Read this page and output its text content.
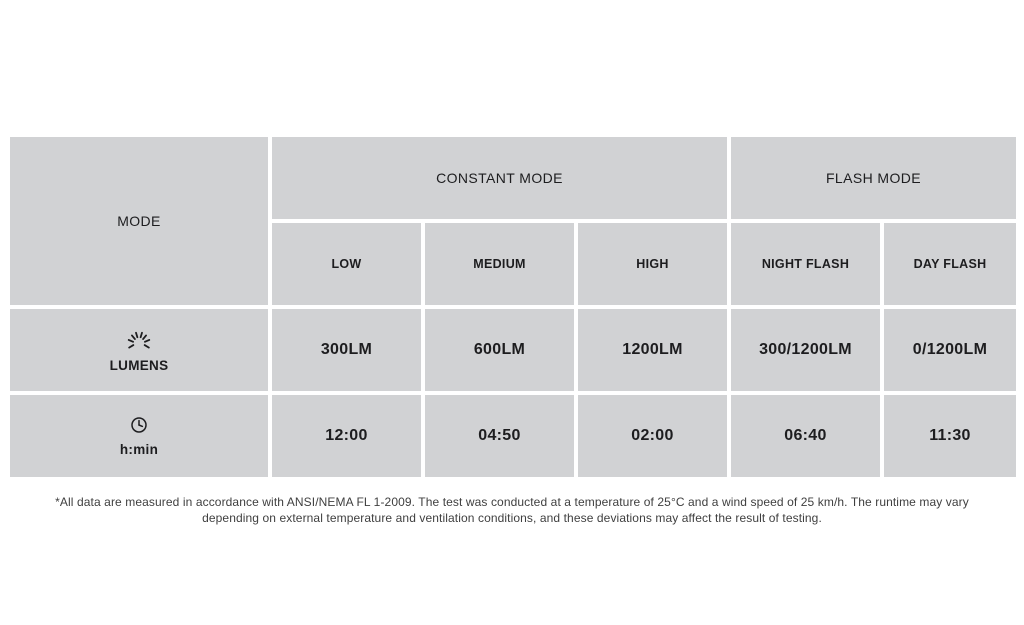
MODE	CONSTANT MODE			FLASH MODE	
	LOW	MEDIUM	HIGH	NIGHT FLASH	DAY FLASH

LUMENS	300LM	600LM	1200LM	300/1200LM	0/1200LM

h:min	12:00	04:50	02:00	06:40	11:30
*All data are measured in accordance with ANSI/NEMA FL 1-2009. The test was conducted at a temperature of 25°C and a wind speed of 25 km/h. The runtime may vary depending on external temperature and ventilation conditions, and these deviations may affect the result of testing.
